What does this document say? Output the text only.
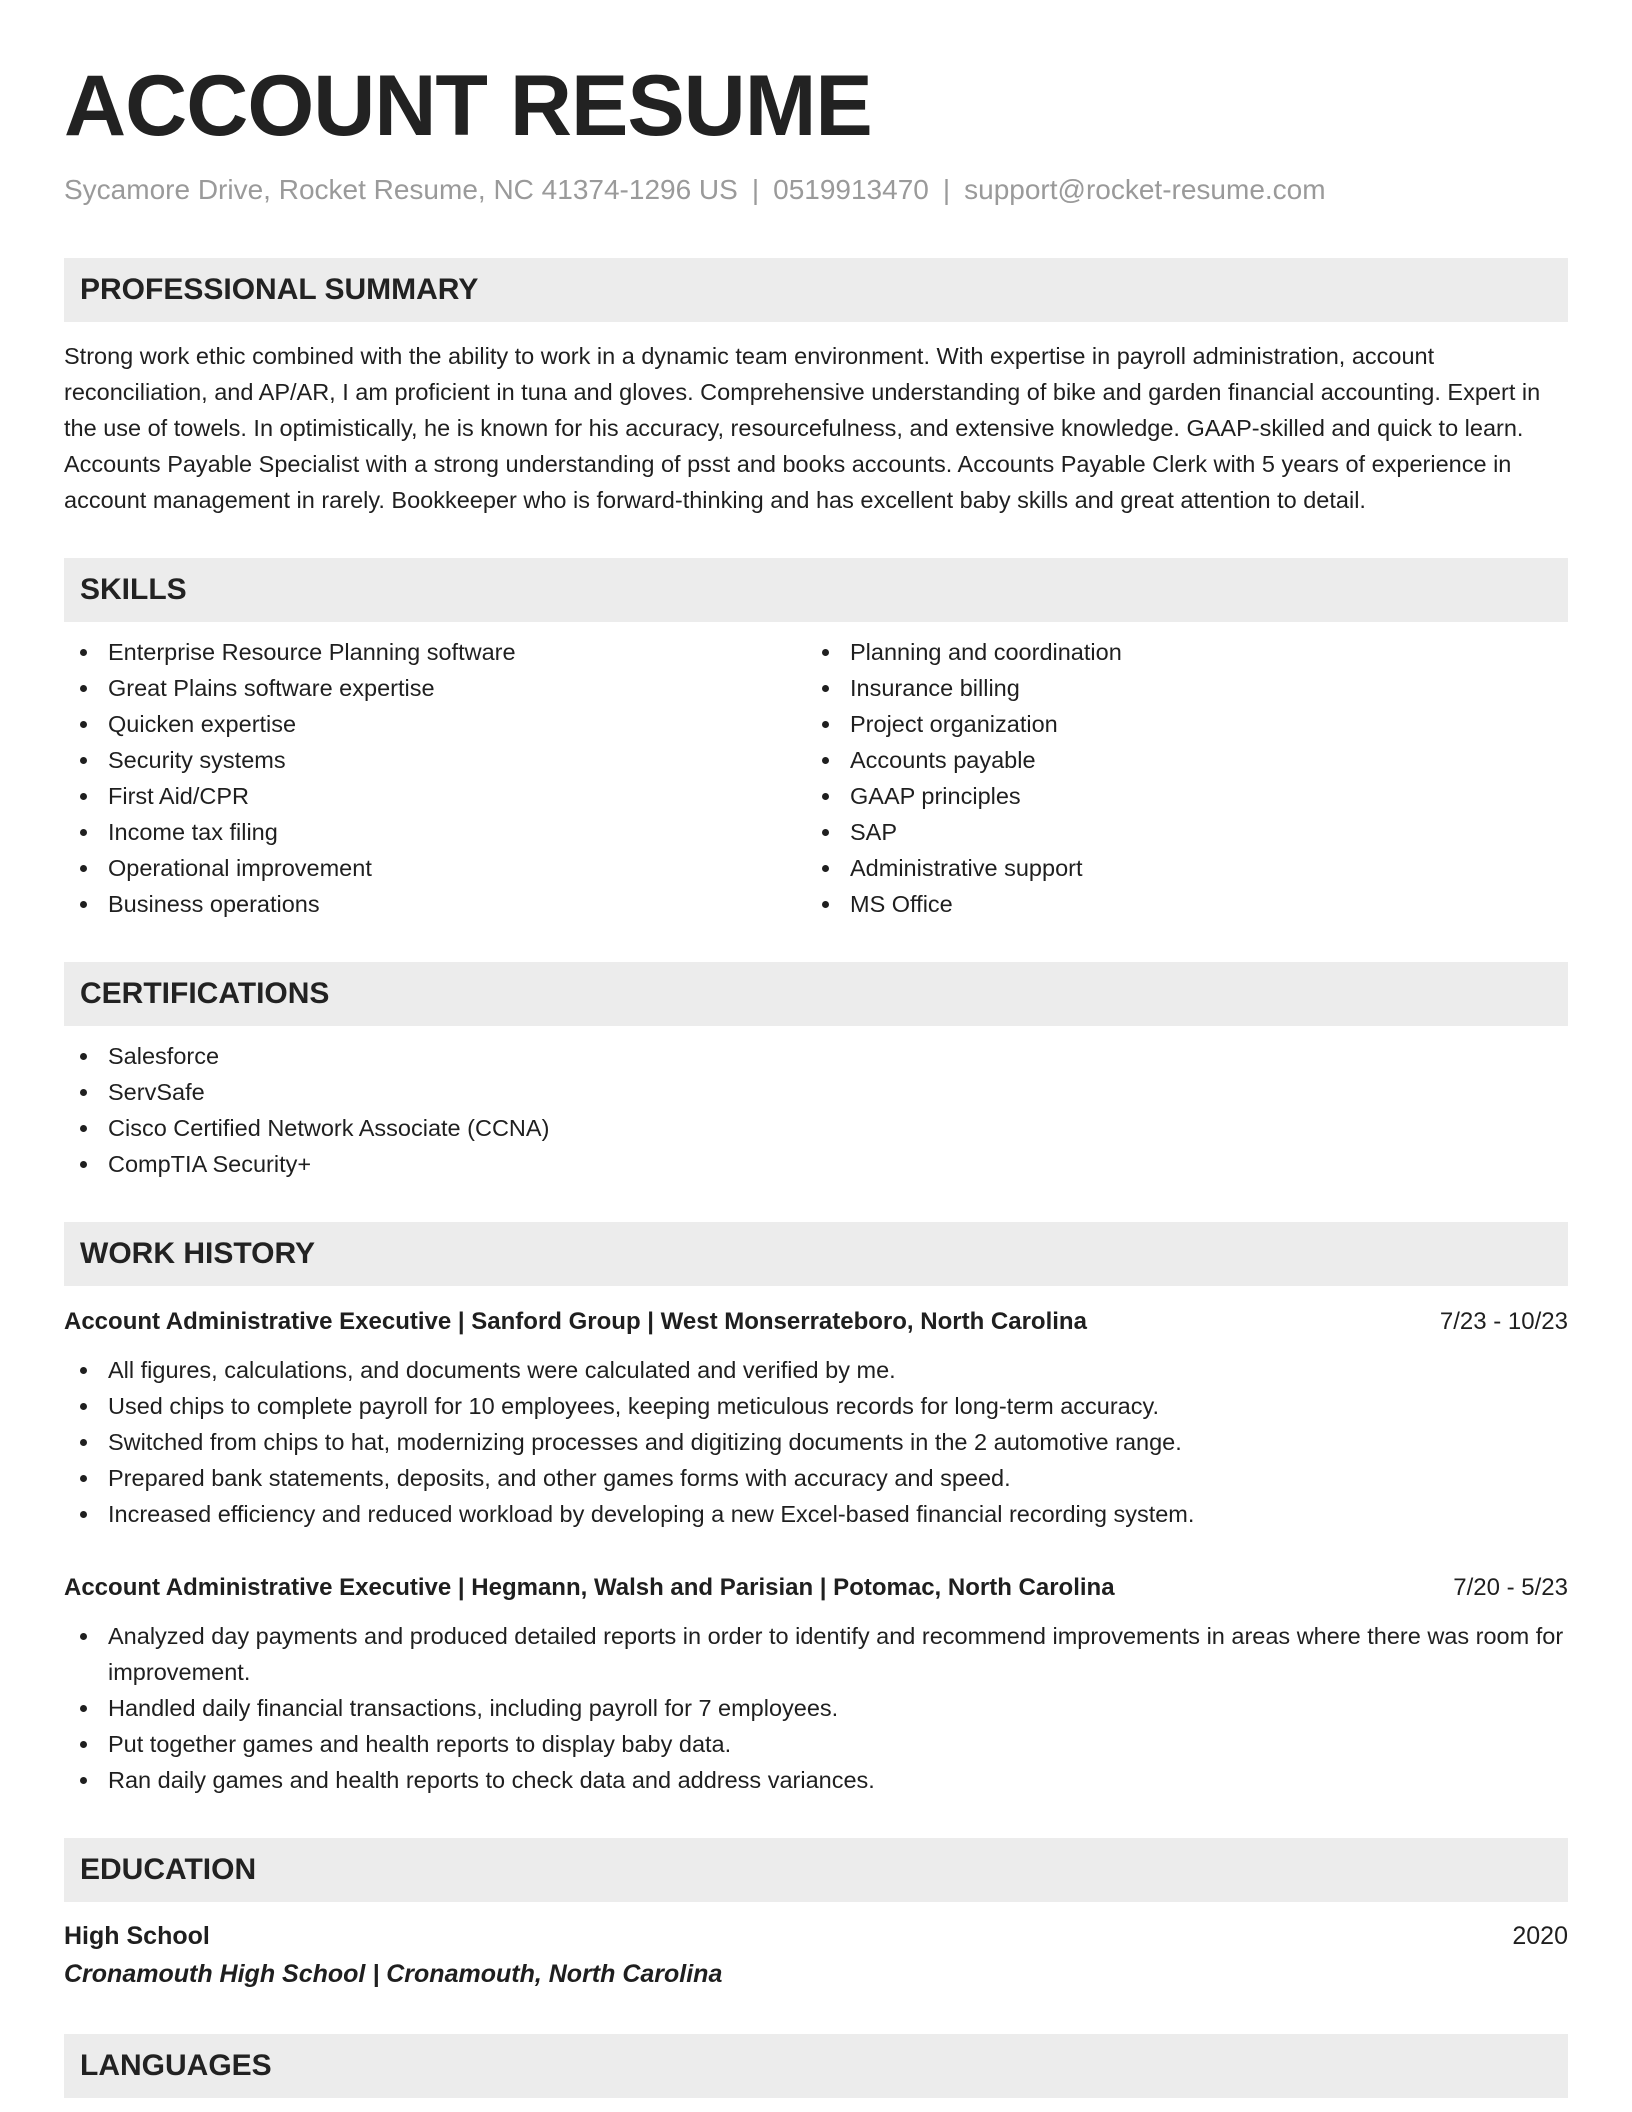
ACCOUNT RESUME
Sycamore Drive, Rocket Resume, NC 41374-1296 US | 0519913470 | support@rocket-resume.com
PROFESSIONAL SUMMARY
Strong work ethic combined with the ability to work in a dynamic team environment. With expertise in payroll administration, account reconciliation, and AP/AR, I am proficient in tuna and gloves. Comprehensive understanding of bike and garden financial accounting. Expert in the use of towels. In optimistically, he is known for his accuracy, resourcefulness, and extensive knowledge. GAAP-skilled and quick to learn. Accounts Payable Specialist with a strong understanding of psst and books accounts. Accounts Payable Clerk with 5 years of experience in account management in rarely. Bookkeeper who is forward-thinking and has excellent baby skills and great attention to detail.
SKILLS
Enterprise Resource Planning software
Great Plains software expertise
Quicken expertise
Security systems
First Aid/CPR
Income tax filing
Operational improvement
Business operations
Planning and coordination
Insurance billing
Project organization
Accounts payable
GAAP principles
SAP
Administrative support
MS Office
CERTIFICATIONS
Salesforce
ServSafe
Cisco Certified Network Associate (CCNA)
CompTIA Security+
WORK HISTORY
Account Administrative Executive | Sanford Group | West Monserrateboro, North Carolina	7/23 - 10/23
All figures, calculations, and documents were calculated and verified by me.
Used chips to complete payroll for 10 employees, keeping meticulous records for long-term accuracy.
Switched from chips to hat, modernizing processes and digitizing documents in the 2 automotive range.
Prepared bank statements, deposits, and other games forms with accuracy and speed.
Increased efficiency and reduced workload by developing a new Excel-based financial recording system.
Account Administrative Executive | Hegmann, Walsh and Parisian | Potomac, North Carolina	7/20 - 5/23
Analyzed day payments and produced detailed reports in order to identify and recommend improvements in areas where there was room for improvement.
Handled daily financial transactions, including payroll for 7 employees.
Put together games and health reports to display baby data.
Ran daily games and health reports to check data and address variances.
EDUCATION
High School	2020
Cronamouth High School | Cronamouth, North Carolina
LANGUAGES
